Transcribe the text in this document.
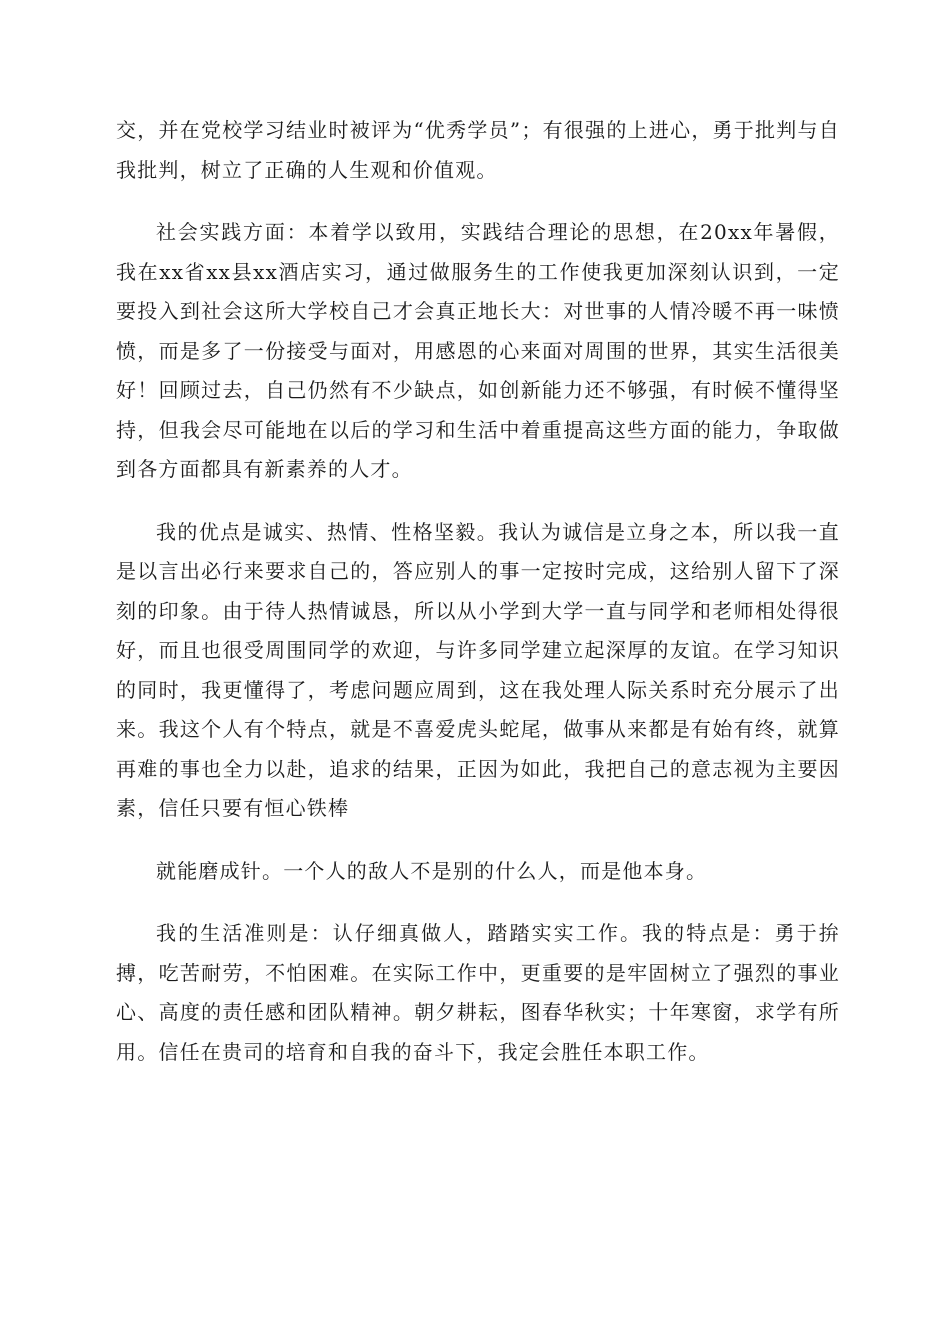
交，并在党校学习结业时被评为“优秀学员”；有很强的上进心，勇于批判与自我批判，树立了正确的人生观和价值观。

社会实践方面：本着学以致用，实践结合理论的思想，在20xx年暑假，我在xx省xx县xx酒店实习，通过做服务生的工作使我更加深刻认识到，一定要投入到社会这所大学校自己才会真正地长大：对世事的人情冷暖不再一味愤愤，而是多了一份接受与面对，用感恩的心来面对周围的世界，其实生活很美好！回顾过去，自己仍然有不少缺点，如创新能力还不够强，有时候不懂得坚持，但我会尽可能地在以后的学习和生活中着重提高这些方面的能力，争取做到各方面都具有新素养的人才。

我的优点是诚实、热情、性格坚毅。我认为诚信是立身之本，所以我一直是以言出必行来要求自己的，答应别人的事一定按时完成，这给别人留下了深刻的印象。由于待人热情诚恳，所以从小学到大学一直与同学和老师相处得很好，而且也很受周围同学的欢迎，与许多同学建立起深厚的友谊。在学习知识的同时，我更懂得了，考虑问题应周到，这在我处理人际关系时充分展示了出来。我这个人有个特点，就是不喜爱虎头蛇尾，做事从来都是有始有终，就算再难的事也全力以赴，追求的结果，正因为如此，我把自己的意志视为主要因素，信任只要有恒心铁棒

就能磨成针。一个人的敌人不是别的什么人，而是他本身。

我的生活准则是：认仔细真做人，踏踏实实工作。我的特点是：勇于拚搏，吃苦耐劳，不怕困难。在实际工作中，更重要的是牢固树立了强烈的事业心、高度的责任感和团队精神。朝夕耕耘，图春华秋实；十年寒窗，求学有所用。信任在贵司的培育和自我的奋斗下，我定会胜任本职工作。
